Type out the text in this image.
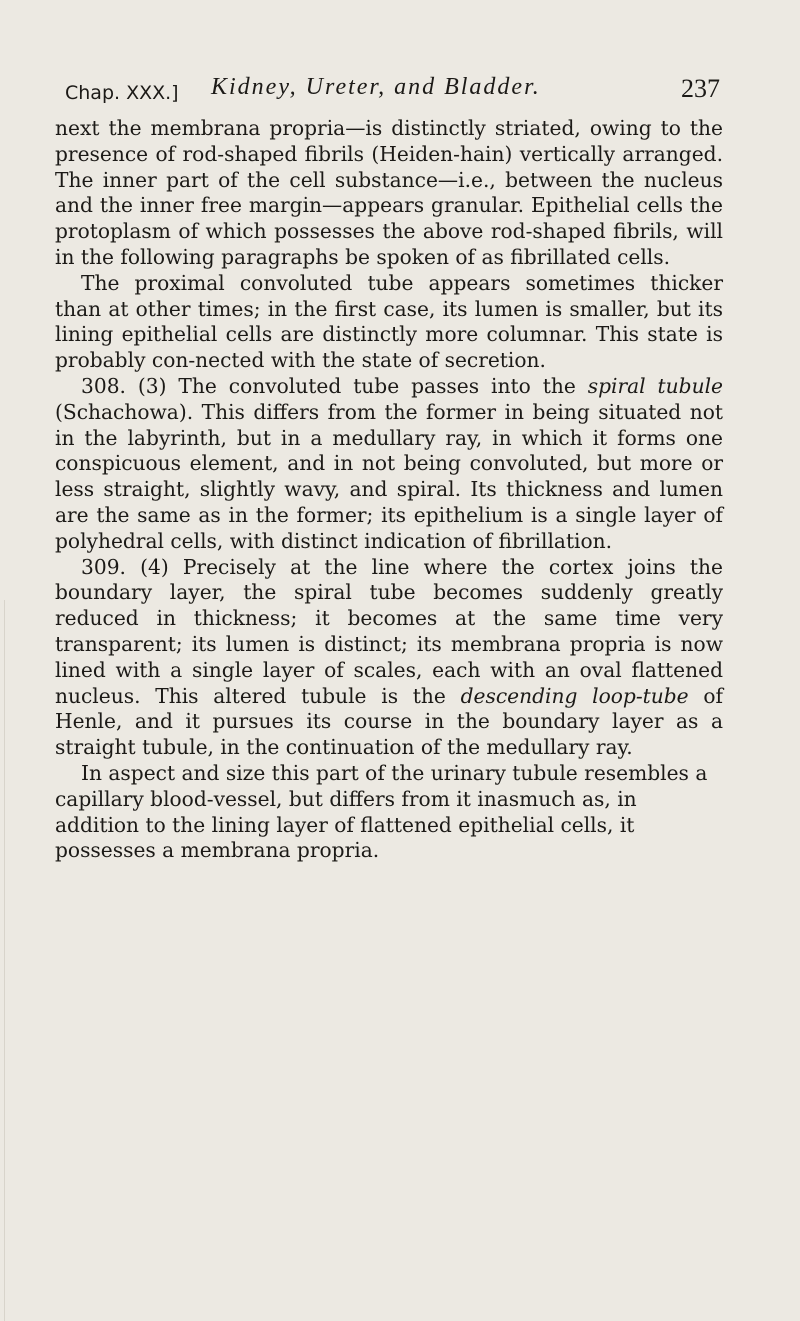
Chap. XXX.] Kidney, Ureter, and Bladder.	237

next the membrana propria—is distinctly striated, owing to the presence of rod-shaped fibrils (Heiden-hain) vertically arranged. The inner part of the cell substance—i.e., between the nucleus and the inner free margin—appears granular. Epithelial cells the protoplasm of which possesses the above rod-shaped fibrils, will in the following paragraphs be spoken of as fibrillated cells.

The proximal convoluted tube appears sometimes thicker than at other times; in the first case, its lumen is smaller, but its lining epithelial cells are distinctly more columnar. This state is probably con-nected with the state of secretion.

308. (3) The convoluted tube passes into the spiral tubule (Schachowa). This differs from the former in being situated not in the labyrinth, but in a medullary ray, in which it forms one conspicuous element, and in not being convoluted, but more or less straight, slightly wavy, and spiral. Its thickness and lumen are the same as in the former; its epithelium is a single layer of polyhedral cells, with distinct indication of fibrillation.

309. (4) Precisely at the line where the cortex joins the boundary layer, the spiral tube becomes suddenly greatly reduced in thickness; it becomes at the same time very transparent; its lumen is distinct; its membrana propria is now lined with a single layer of scales, each with an oval flattened nucleus. This altered tubule is the descending loop-tube of Henle, and it pursues its course in the boundary layer as a straight tubule, in the continuation of the medullary ray.

In aspect and size this part of the urinary tubule resembles a capillary blood-vessel, but differs from it inasmuch as, in addition to the lining layer of flattened epithelial cells, it possesses a membrana propria.
